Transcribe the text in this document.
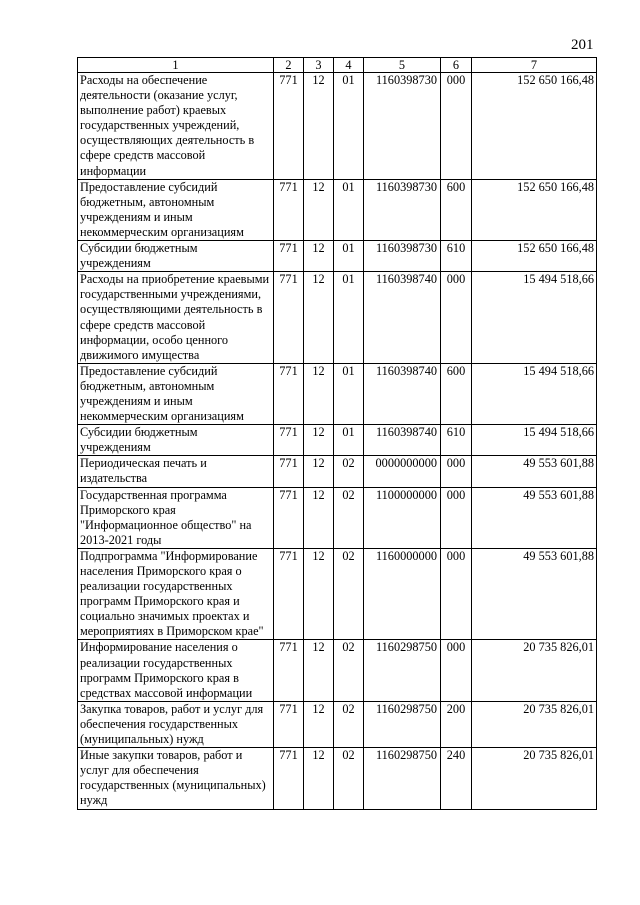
201
1	2	3	4	5	6	7
Расходы на обеспечение деятельности (оказание услуг, выполнение работ) краевых государственных учреждений, осуществляющих деятельность в сфере средств массовой информации	771	12	01	1160398730	000	152 650 166,48
Предоставление субсидий бюджетным, автономным учреждениям и иным некоммерческим организациям	771	12	01	1160398730	600	152 650 166,48
Субсидии бюджетным учреждениям	771	12	01	1160398730	610	152 650 166,48
Расходы на приобретение краевыми государственными учреждениями, осуществляющими деятельность в сфере средств массовой информации, особо ценного движимого имущества	771	12	01	1160398740	000	15 494 518,66
Предоставление субсидий бюджетным, автономным учреждениям и иным некоммерческим организациям	771	12	01	1160398740	600	15 494 518,66
Субсидии бюджетным учреждениям	771	12	01	1160398740	610	15 494 518,66
Периодическая печать и издательства	771	12	02	0000000000	000	49 553 601,88
Государственная программа Приморского края "Информационное общество" на 2013-2021 годы	771	12	02	1100000000	000	49 553 601,88
Подпрограмма "Информирование населения Приморского края о реализации государственных программ Приморского края и социально значимых проектах и мероприятиях в Приморском крае"	771	12	02	1160000000	000	49 553 601,88
Информирование населения о реализации государственных программ Приморского края в средствах массовой информации	771	12	02	1160298750	000	20 735 826,01
Закупка товаров, работ и услуг для обеспечения государственных (муниципальных) нужд	771	12	02	1160298750	200	20 735 826,01
Иные закупки товаров, работ и услуг для обеспечения государственных (муниципальных) нужд	771	12	02	1160298750	240	20 735 826,01
